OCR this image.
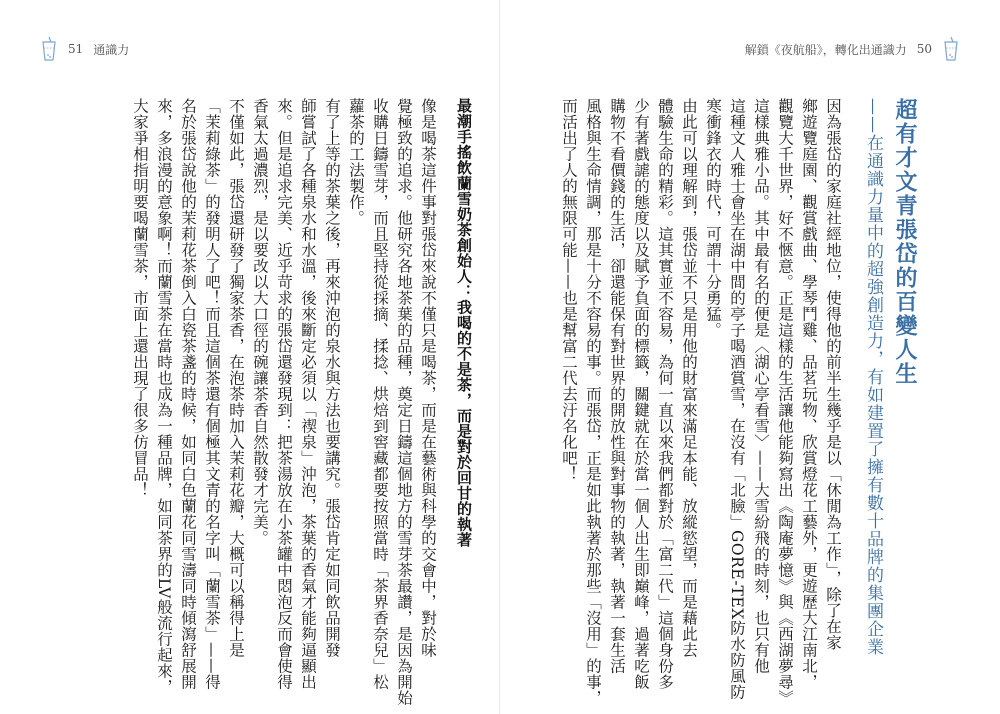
51 通識力	解鎖《夜航船》，轉化出通識力 50
超有才文青張岱的百變人生
——在通識力量中的超強創造力，有如建置了擁有數十品牌的集團企業
因為張岱的家庭社經地位，使得他的前半生幾乎是以「休閒為工作」，除了在家
鄉遊覽庭園、觀賞戲曲、學琴鬥雞、品茗玩物、欣賞燈花工藝外，更遊歷大江南北，
觀覽大千世界，好不愜意。正是這樣的生活讓他能夠寫出《陶庵夢憶》與《西湖夢尋》
這樣典雅小品。其中最有名的便是〈湖心亭看雪〉——大雪紛飛的時刻，也只有他
這種文人雅士會坐在湖中間的亭子喝酒賞雪，在沒有「北臉」GORE-TEX防水防風防
寒衝鋒衣的時代，可謂十分勇猛。
由此可以理解到，張岱並不只是用他的財富來滿足本能、放縱慾望，而是藉此去
體驗生命的精彩。這其實並不容易，為何一直以來我們都對於「富二代」這個身份多
少有著戲謔的態度以及賦予負面的標籤，關鍵就在於當一個人出生即巔峰，過著吃飯
購物不看價錢的生活，卻還能保有對世界的開放性與對事物的執著，執著一套生活
風格與生命情調，那是十分不容易的事。而張岱，正是如此執著於那些「沒用」的事，
而活出了人的無限可能——也是幫富二代去汙名化吧！
最潮手搖飲蘭雪奶茶創始人：我喝的不是茶，而是對於回甘的執著
像是喝茶這件事對張岱來說不僅只是喝茶，而是在藝術與科學的交會中，對於味
覺極致的追求。他研究各地茶葉的品種，奠定日鑄這個地方的雪芽茶最讚，是因為開始
收購日鑄雪芽，而且堅持從採摘、揉捻、烘焙到窖藏都要按照當時「茶界香奈兒」松
蘿茶的工法製作。
有了上等的茶葉之後，再來沖泡的泉水與方法也要講究。張岱肯定如同飲品開發
師嘗試了各種泉水和水溫，後來斷定必須以「禊泉」沖泡，茶葉的香氣才能夠逼顯出
來。但是追求完美、近乎苛求的張岱還發現到：把茶湯放在小茶罐中悶泡反而會使得
香氣太過濃烈，是以要改以大口徑的碗讓茶香自然散發才完美。
不僅如此，張岱還研發了獨家茶香，在泡茶時加入茉莉花瓣，大概可以稱得上是
「茉莉綠茶」的發明人了吧！而且這個茶還有個極其文青的名字叫「蘭雪茶」——得
名於張岱說他的茉莉花茶倒入白瓷茶盞的時候，如同白色蘭花同雪濤同時傾瀉舒展開
來，多浪漫的意象啊！而蘭雪茶在當時也成為一種品牌，如同茶界的LV般流行起來，
大家爭相指明要喝蘭雪茶，市面上還出現了很多仿冒品！
